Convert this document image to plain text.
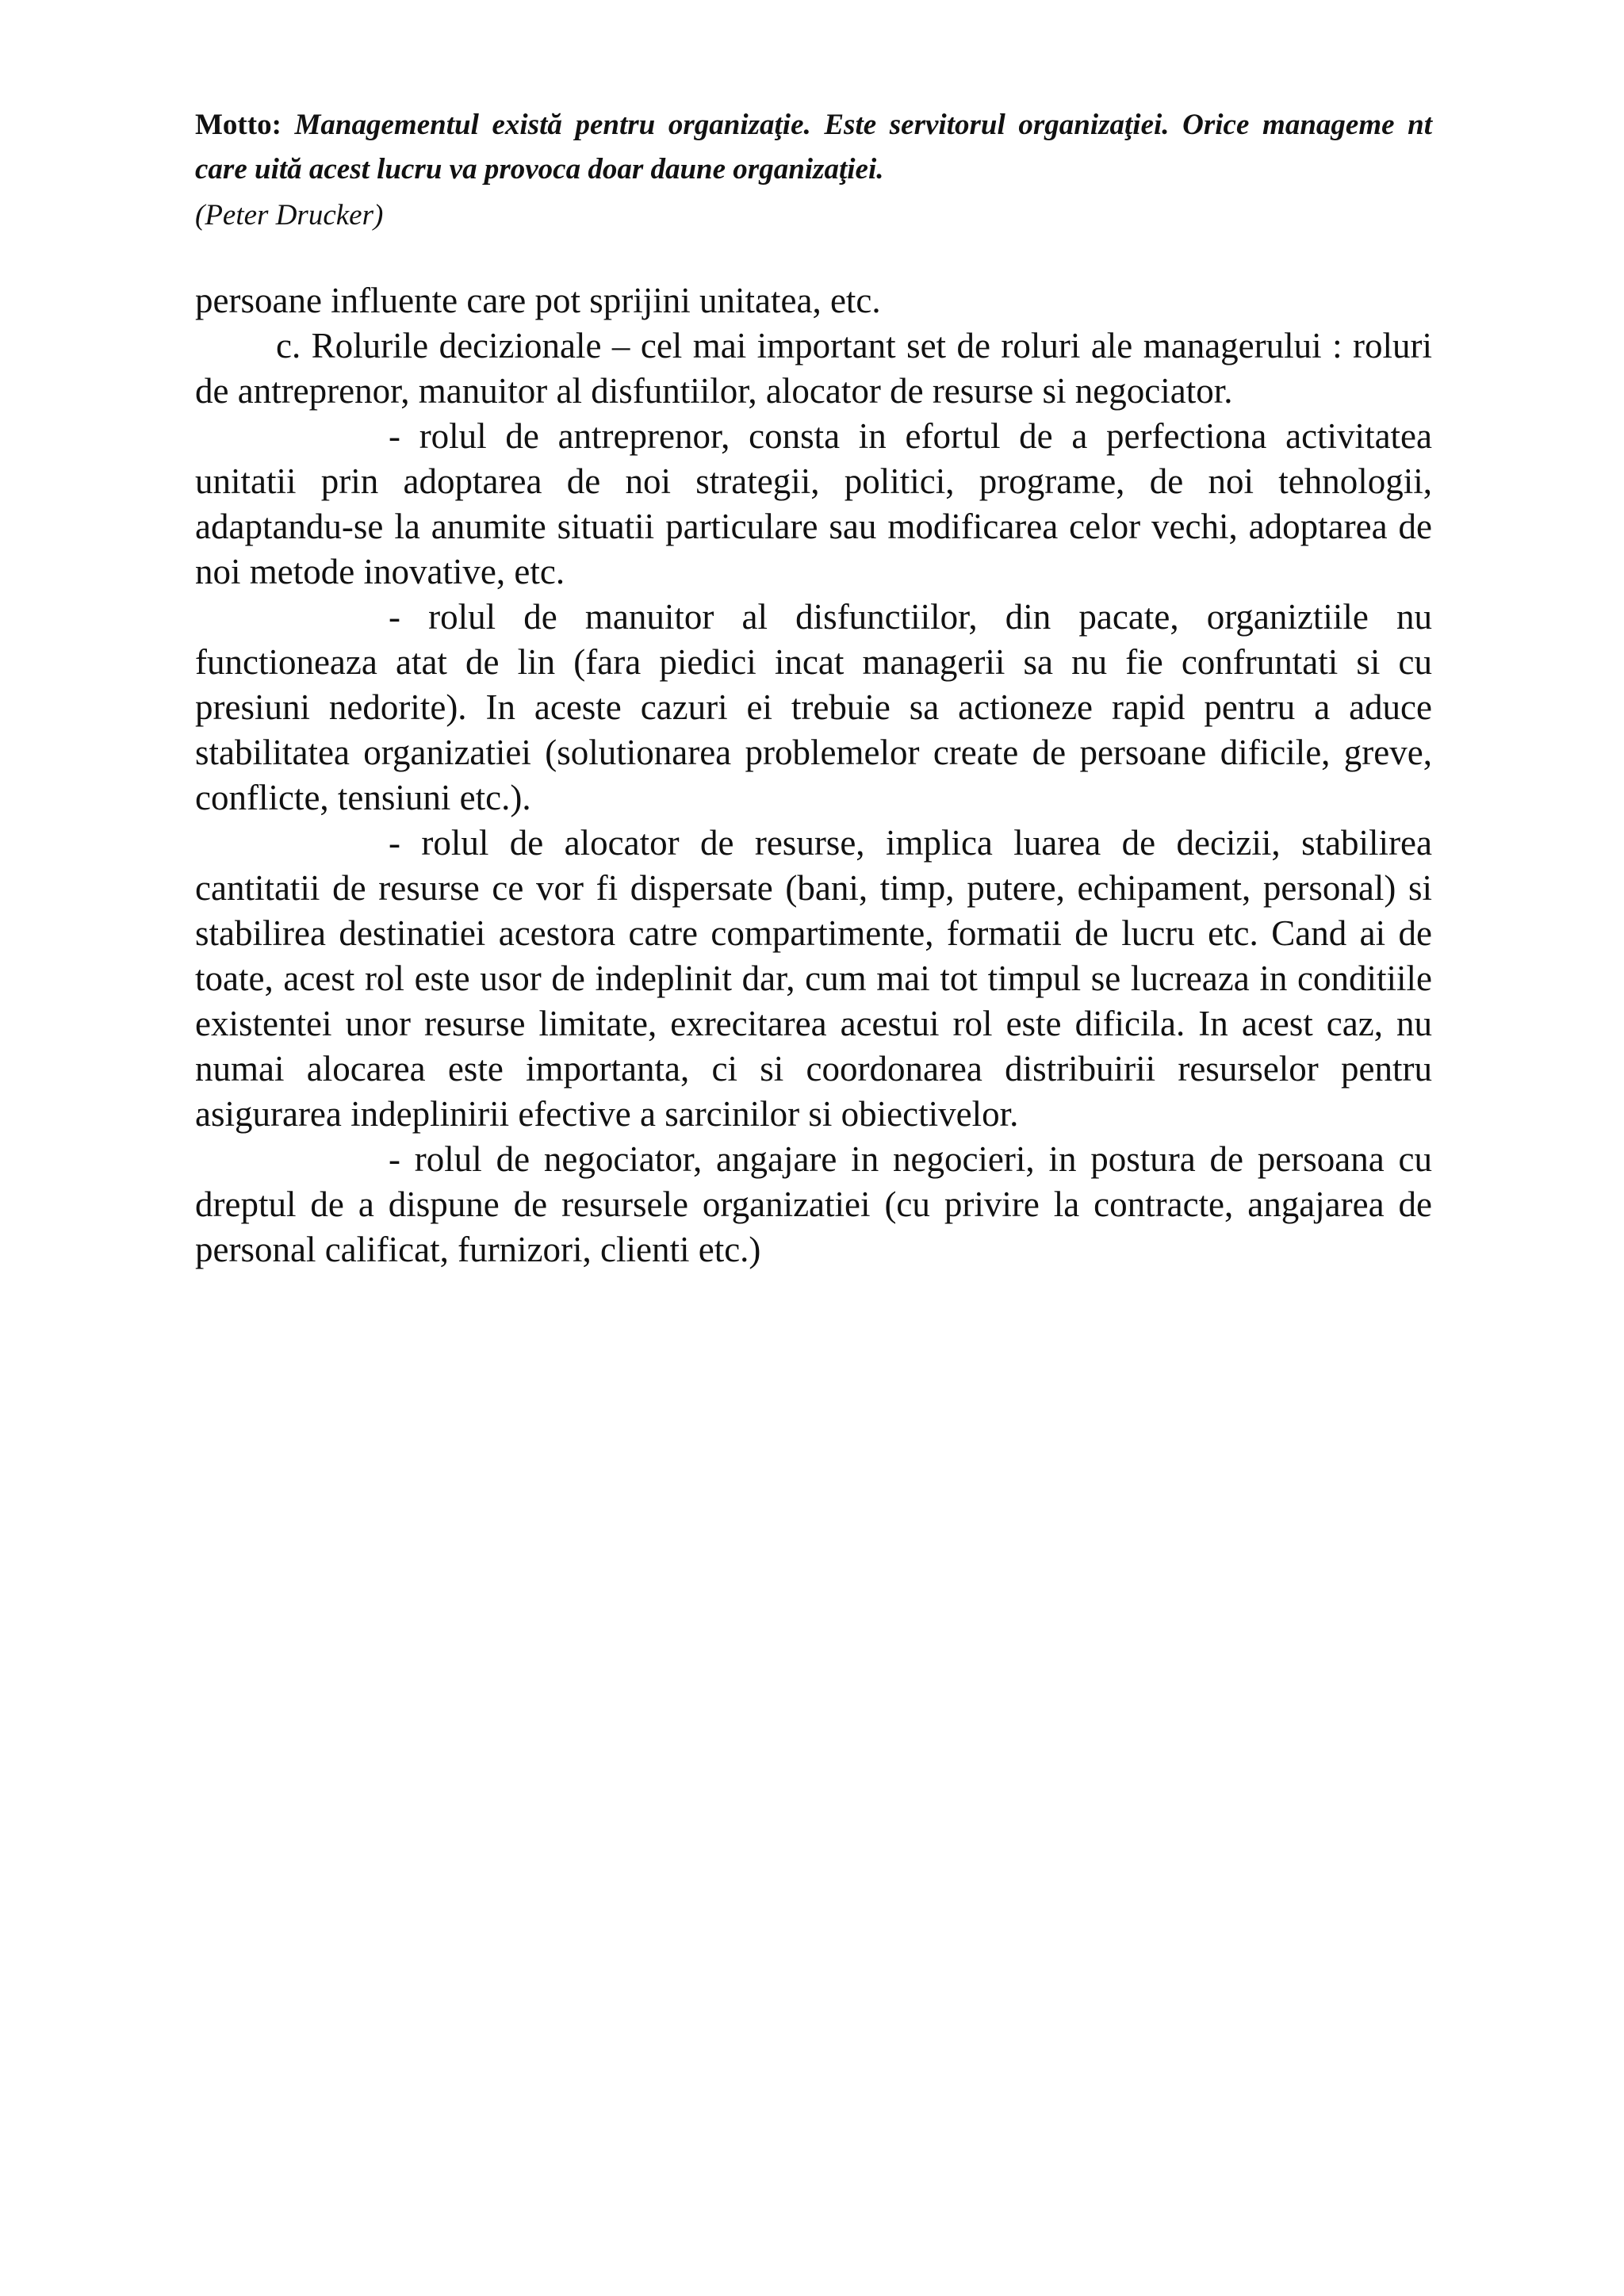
Motto: Managementul există pentru organizaţie. Este servitorul organizaţiei. Orice manageme nt care uită acest lucru va provoca doar daune organizaţiei.
(Peter Drucker)

persoane influente care pot sprijini unitatea, etc.

c. Rolurile decizionale – cel mai important set de roluri ale managerului : roluri de antreprenor, manuitor al disfuntiilor, alocator de resurse si negociator.

- rolul de antreprenor, consta in efortul de a perfectiona activitatea unitatii prin adoptarea de noi strategii, politici, programe, de noi tehnologii, adaptandu-se la anumite situatii particulare sau modificarea celor vechi, adoptarea de noi metode inovative, etc.

- rolul de manuitor al disfunctiilor, din pacate, organiztiile nu functioneaza atat de lin (fara piedici incat managerii sa nu fie confruntati si cu presiuni nedorite). In aceste cazuri ei trebuie sa actioneze rapid pentru a aduce stabilitatea organizatiei (solutionarea problemelor create de persoane dificile, greve, conflicte, tensiuni etc.).

- rolul de alocator de resurse, implica luarea de decizii, stabilirea cantitatii de resurse ce vor fi dispersate (bani, timp, putere, echipament, personal) si stabilirea destinatiei acestora catre compartimente, formatii de lucru etc. Cand ai de toate, acest rol este usor de indeplinit dar, cum mai tot timpul se lucreaza in conditiile existentei unor resurse limitate, exrecitarea acestui rol este dificila. In acest caz, nu numai alocarea este importanta, ci si coordonarea distribuirii resurselor pentru asigurarea indeplinirii efective a sarcinilor si obiectivelor.

- rolul de negociator, angajare in negocieri, in postura de persoana cu dreptul de a dispune de resursele organizatiei (cu privire la contracte, angajarea de personal calificat, furnizori, clienti etc.)
